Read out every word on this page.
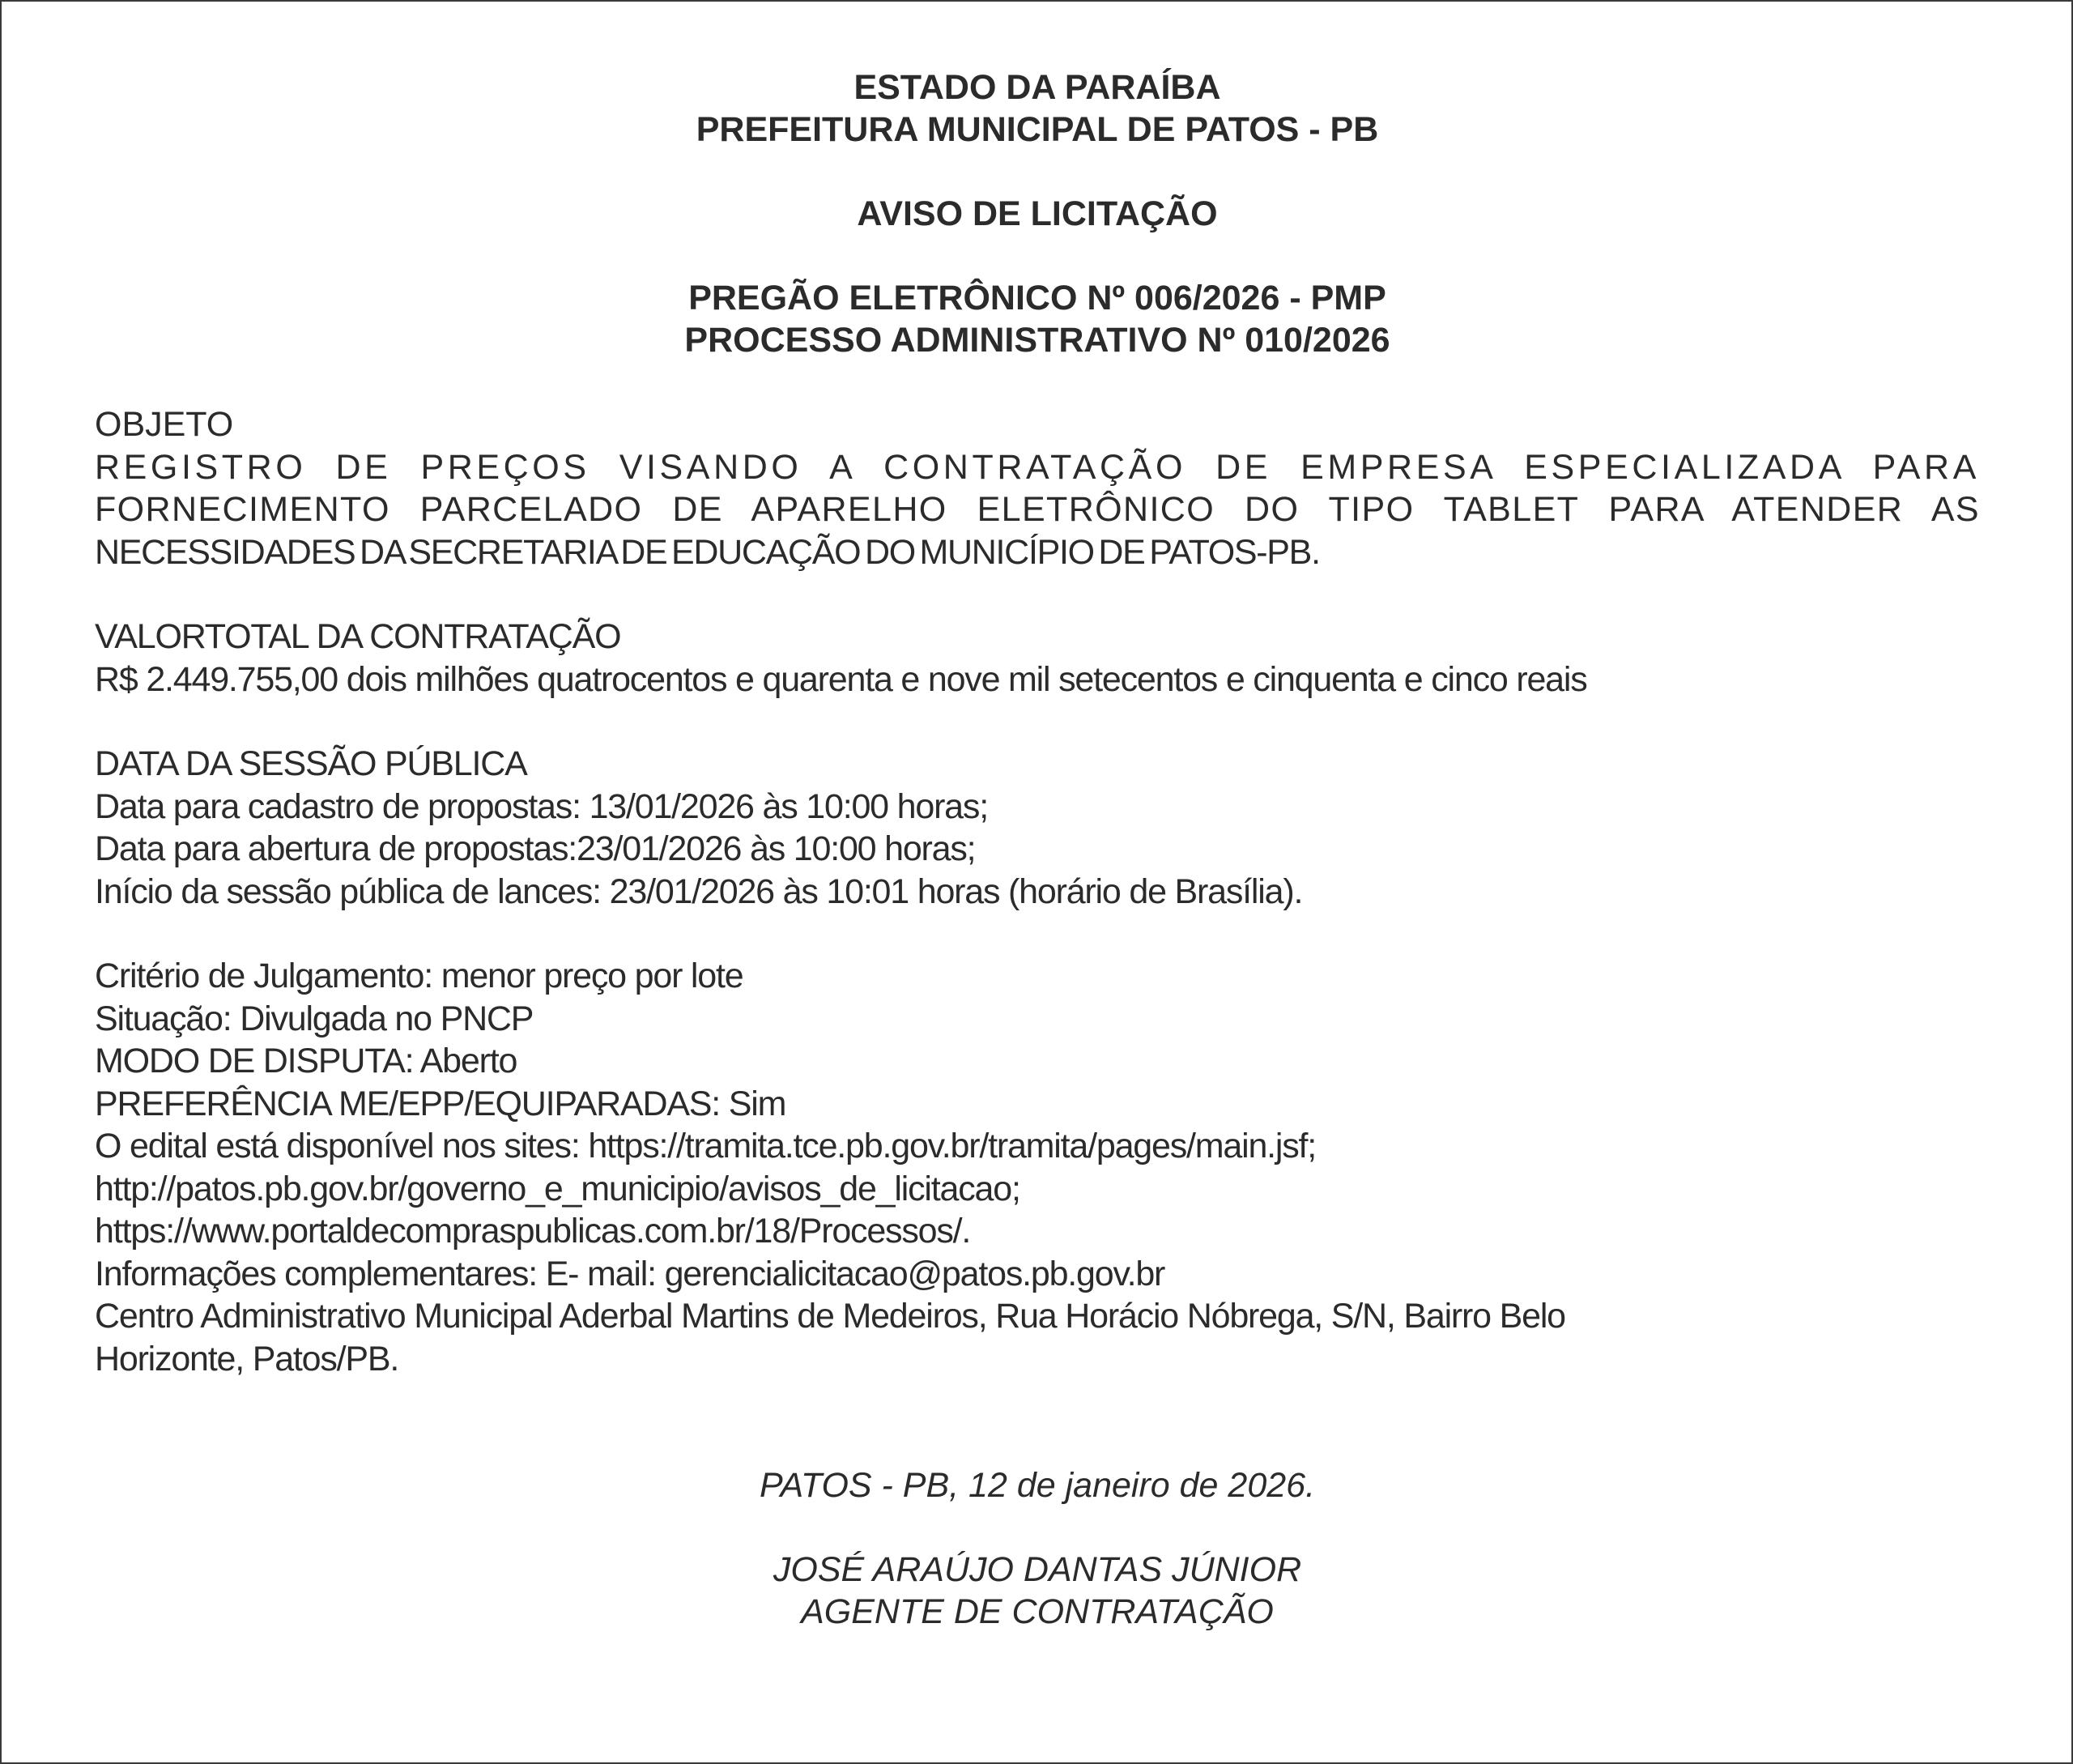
ESTADO DA PARAÍBA

PREFEITURA MUNICIPAL DE PATOS - PB

AVISO DE LICITAÇÃO

PREGÃO ELETRÔNICO Nº 006/2026 - PMP

PROCESSO ADMINISTRATIVO Nº 010/2026

OBJETO

REGISTRO DE PREÇOS VISANDO A CONTRATAÇÃO DE EMPRESA ESPECIALIZADA PARA
FORNECIMENTO PARCELADO DE APARELHO ELETRÔNICO DO TIPO TABLET PARA ATENDER AS
NECESSIDADES DA SECRETARIA DE EDUCAÇÃO DO MUNICÍPIO DE PATOS-PB.

VALORTOTAL DA CONTRATAÇÃO

R$ 2.449.755,00 dois milhões quatrocentos e quarenta e nove mil setecentos e cinquenta e cinco reais

DATA DA SESSÃO PÚBLICA

Data para cadastro de propostas: 13/01/2026 às 10:00 horas;

Data para abertura de propostas:23/01/2026 às 10:00 horas;

Início da sessão pública de lances: 23/01/2026 às 10:01 horas (horário de Brasília).

Critério de Julgamento: menor preço por lote

Situação: Divulgada no PNCP

MODO DE DISPUTA: Aberto

PREFERÊNCIA ME/EPP/EQUIPARADAS: Sim

O edital está disponível nos sites: https://tramita.tce.pb.gov.br/tramita/pages/main.jsf;

http://patos.pb.gov.br/governo_e_municipio/avisos_de_licitacao;

https://www.portaldecompraspublicas.com.br/18/Processos/.

Informações complementares: E- mail: gerencialicitacao@patos.pb.gov.br

Centro Administrativo Municipal Aderbal Martins de Medeiros, Rua Horácio Nóbrega, S/N, Bairro Belo

Horizonte, Patos/PB.

PATOS - PB, 12 de janeiro de 2026.

JOSÉ ARAÚJO DANTAS JÚNIOR

AGENTE DE CONTRATAÇÃO
